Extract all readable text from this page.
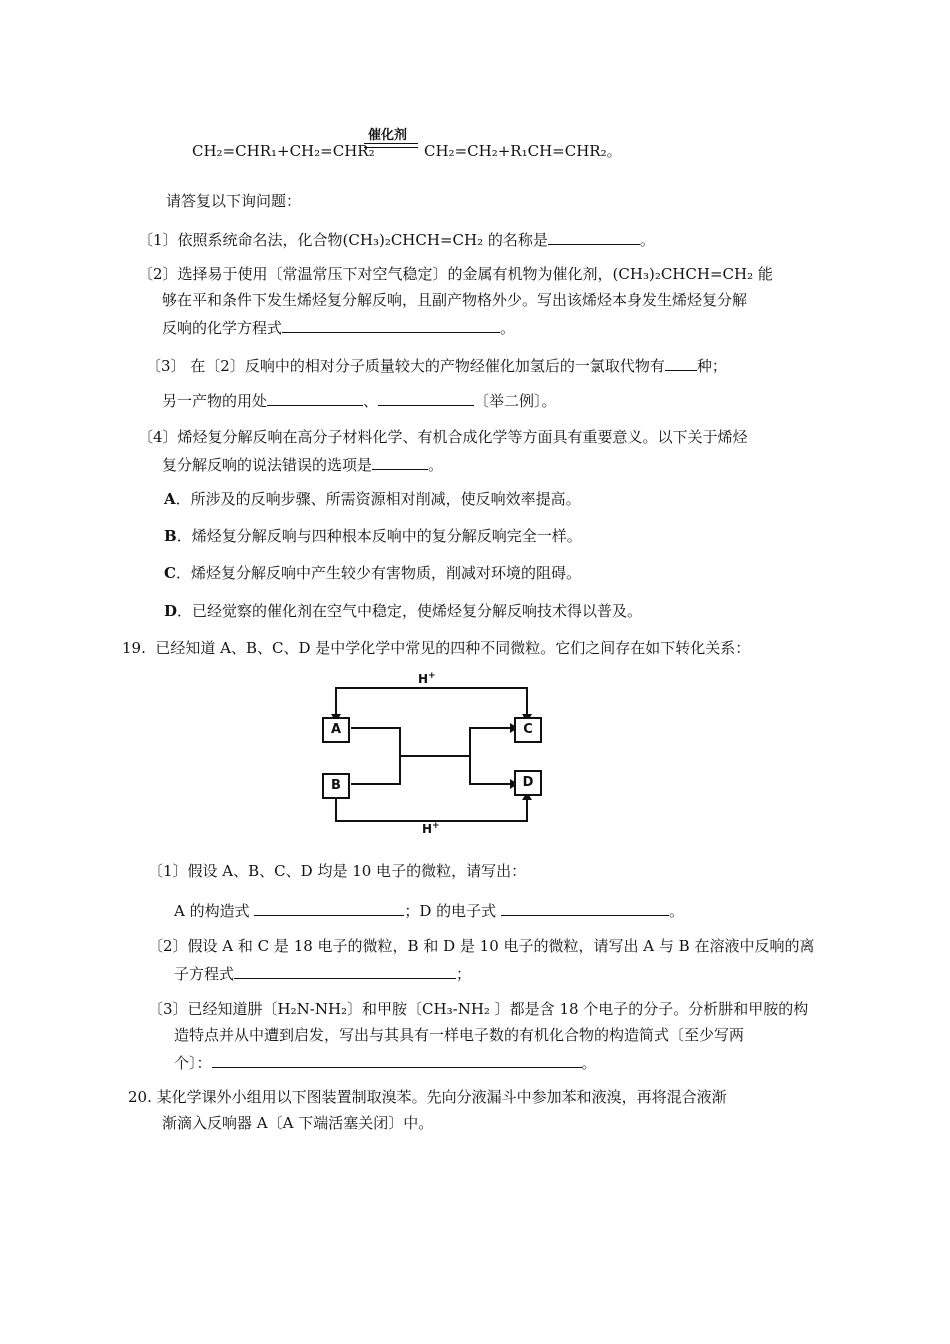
CH₂=CHR₁+CH₂=CHR₂
催化剂
CH₂=CH₂+R₁CH=CHR₂。
请答复以下询问题：
〔1〕依照系统命名法，化合物(CH₃)₂CHCH=CH₂ 的名称是	。
〔2〕选择易于使用〔常温常压下对空气稳定〕的金属有机物为催化剂，(CH₃)₂CHCH=CH₂ 能
够在平和条件下发生烯烃复分解反响，且副产物格外少。写出该烯烃本身发生烯烃复分解
反响的化学方程式	。
〔3〕 在〔2〕反响中的相对分子质量较大的产物经催化加氢后的一氯取代物有 种；
另一产物的用处	、	〔举二例〕。
〔4〕烯烃复分解反响在高分子材料化学、有机合成化学等方面具有重要意义。以下关于烯烃
复分解反响的说法错误的选项是	。
A．所涉及的反响步骤、所需资源相对削减，使反响效率提高。
B．烯烃复分解反响与四种根本反响中的复分解反响完全一样。
C．烯烃复分解反响中产生较少有害物质，削减对环境的阻碍。
D．已经觉察的催化剂在空气中稳定，使烯烃复分解反响技术得以普及。
19. 已经知道 A、B、C、D 是中学化学中常见的四种不同微粒。它们之间存在如下转化关系：
H+
H+
A
B
C
D
〔1〕假设 A、B、C、D 均是 10 电子的微粒，请写出：
A 的构造式	；D 的电子式	。
〔2〕假设 A 和 C 是 18 电子的微粒，B 和 D 是 10 电子的微粒，请写出 A 与 B 在溶液中反响的离
子方程式	；
〔3〕已经知道肼〔H₂N-NH₂〕和甲胺〔CH₃-NH₂ 〕都是含 18 个电子的分子。分析肼和甲胺的构
造特点并从中遭到启发，写出与其具有一样电子数的有机化合物的构造简式〔至少写两
个〕：	。
20. 某化学课外小组用以下图装置制取溴苯。先向分液漏斗中参加苯和液溴，再将混合液渐
渐滴入反响器 A〔A 下端活塞关闭〕中。
